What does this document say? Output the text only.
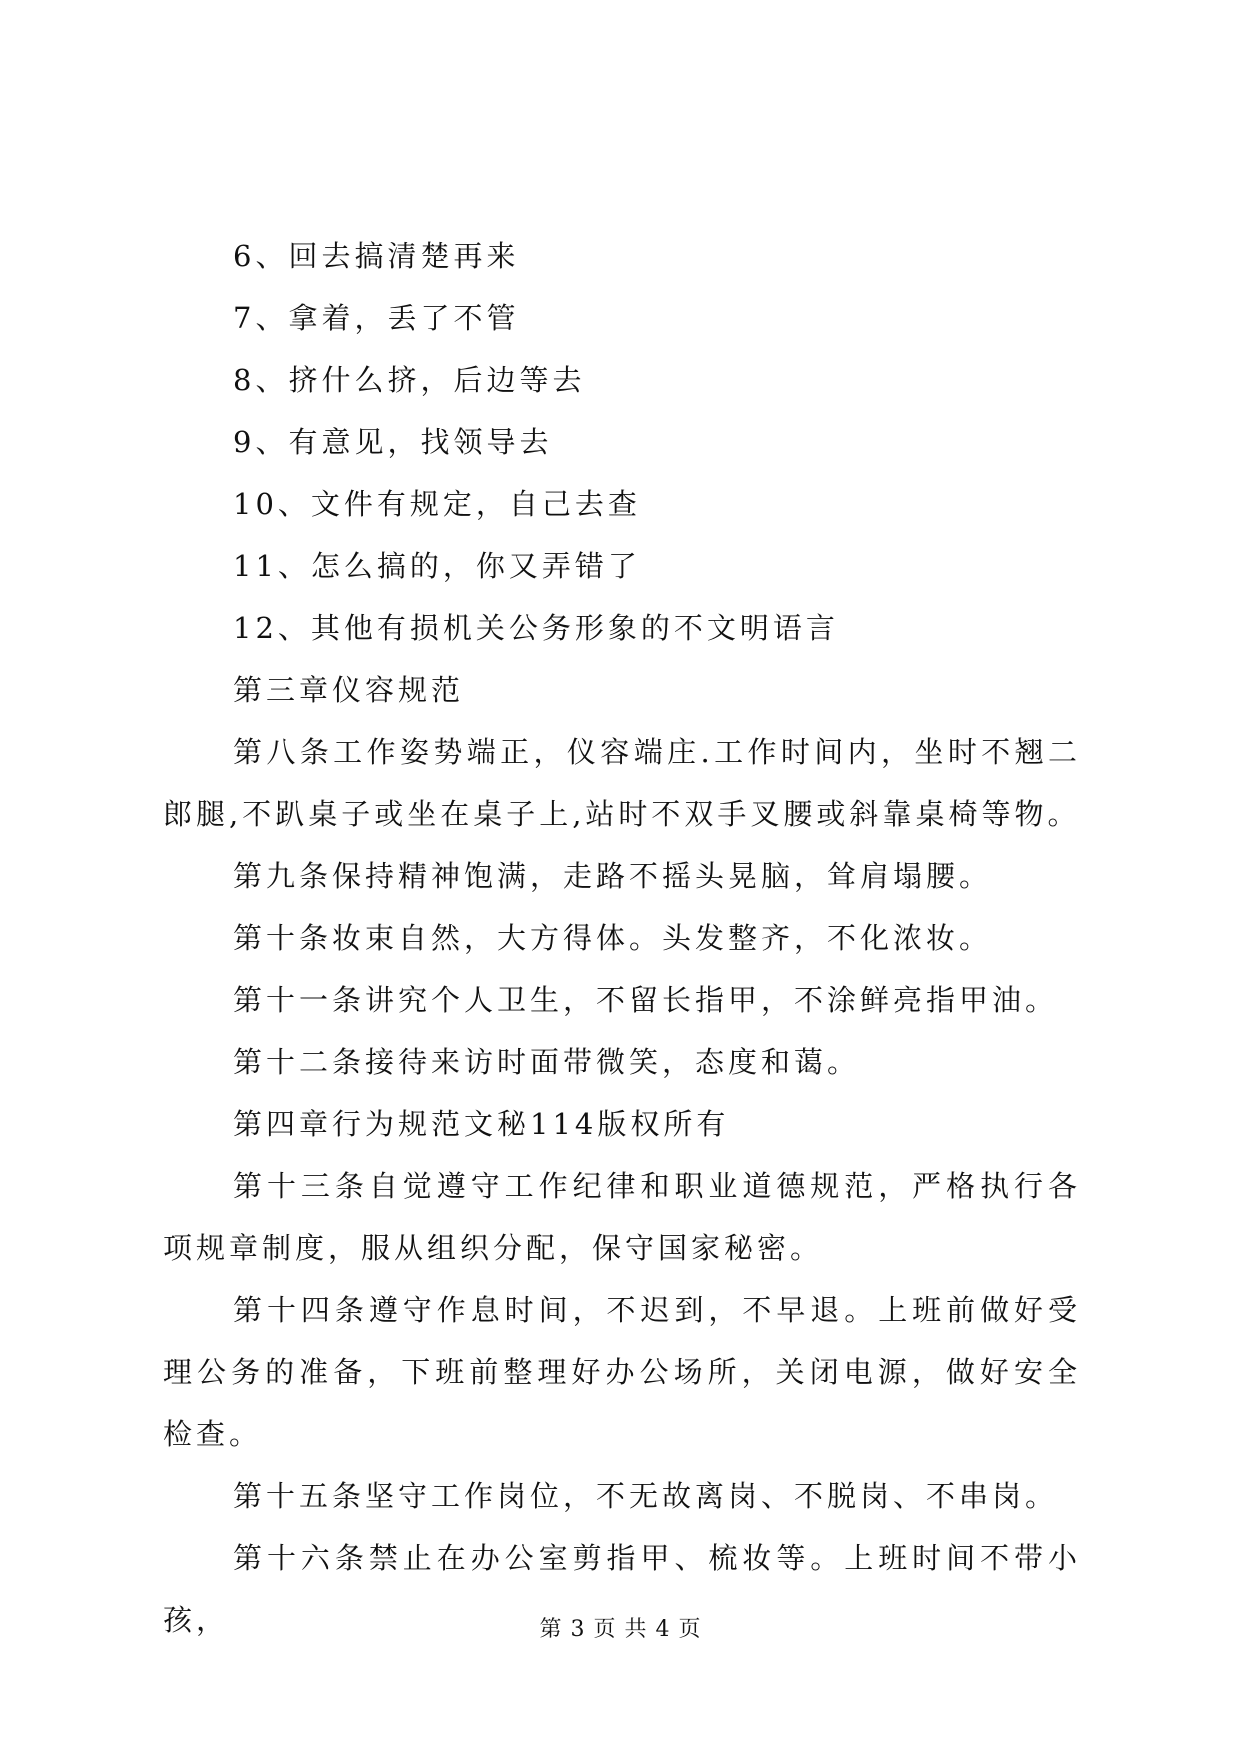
6、回去搞清楚再来
7、拿着，丢了不管
8、挤什么挤，后边等去
9、有意见，找领导去
10、文件有规定，自己去查
11、怎么搞的，你又弄错了
12、其他有损机关公务形象的不文明语言
第三章仪容规范
第八条工作姿势端正，仪容端庄.工作时间内，坐时不翘二郎腿,不趴桌子或坐在桌子上,站时不双手叉腰或斜靠桌椅等物。
第九条保持精神饱满，走路不摇头晃脑，耸肩塌腰。
第十条妆束自然，大方得体。头发整齐，不化浓妆。
第十一条讲究个人卫生，不留长指甲，不涂鲜亮指甲油。
第十二条接待来访时面带微笑，态度和蔼。
第四章行为规范文秘114版权所有
第十三条自觉遵守工作纪律和职业道德规范，严格执行各项规章制度，服从组织分配，保守国家秘密。
第十四条遵守作息时间，不迟到，不早退。上班前做好受理公务的准备，下班前整理好办公场所，关闭电源，做好安全检查。
第十五条坚守工作岗位，不无故离岗、不脱岗、不串岗。
第十六条禁止在办公室剪指甲、梳妆等。上班时间不带小孩，	第 3 页 共 4 页
